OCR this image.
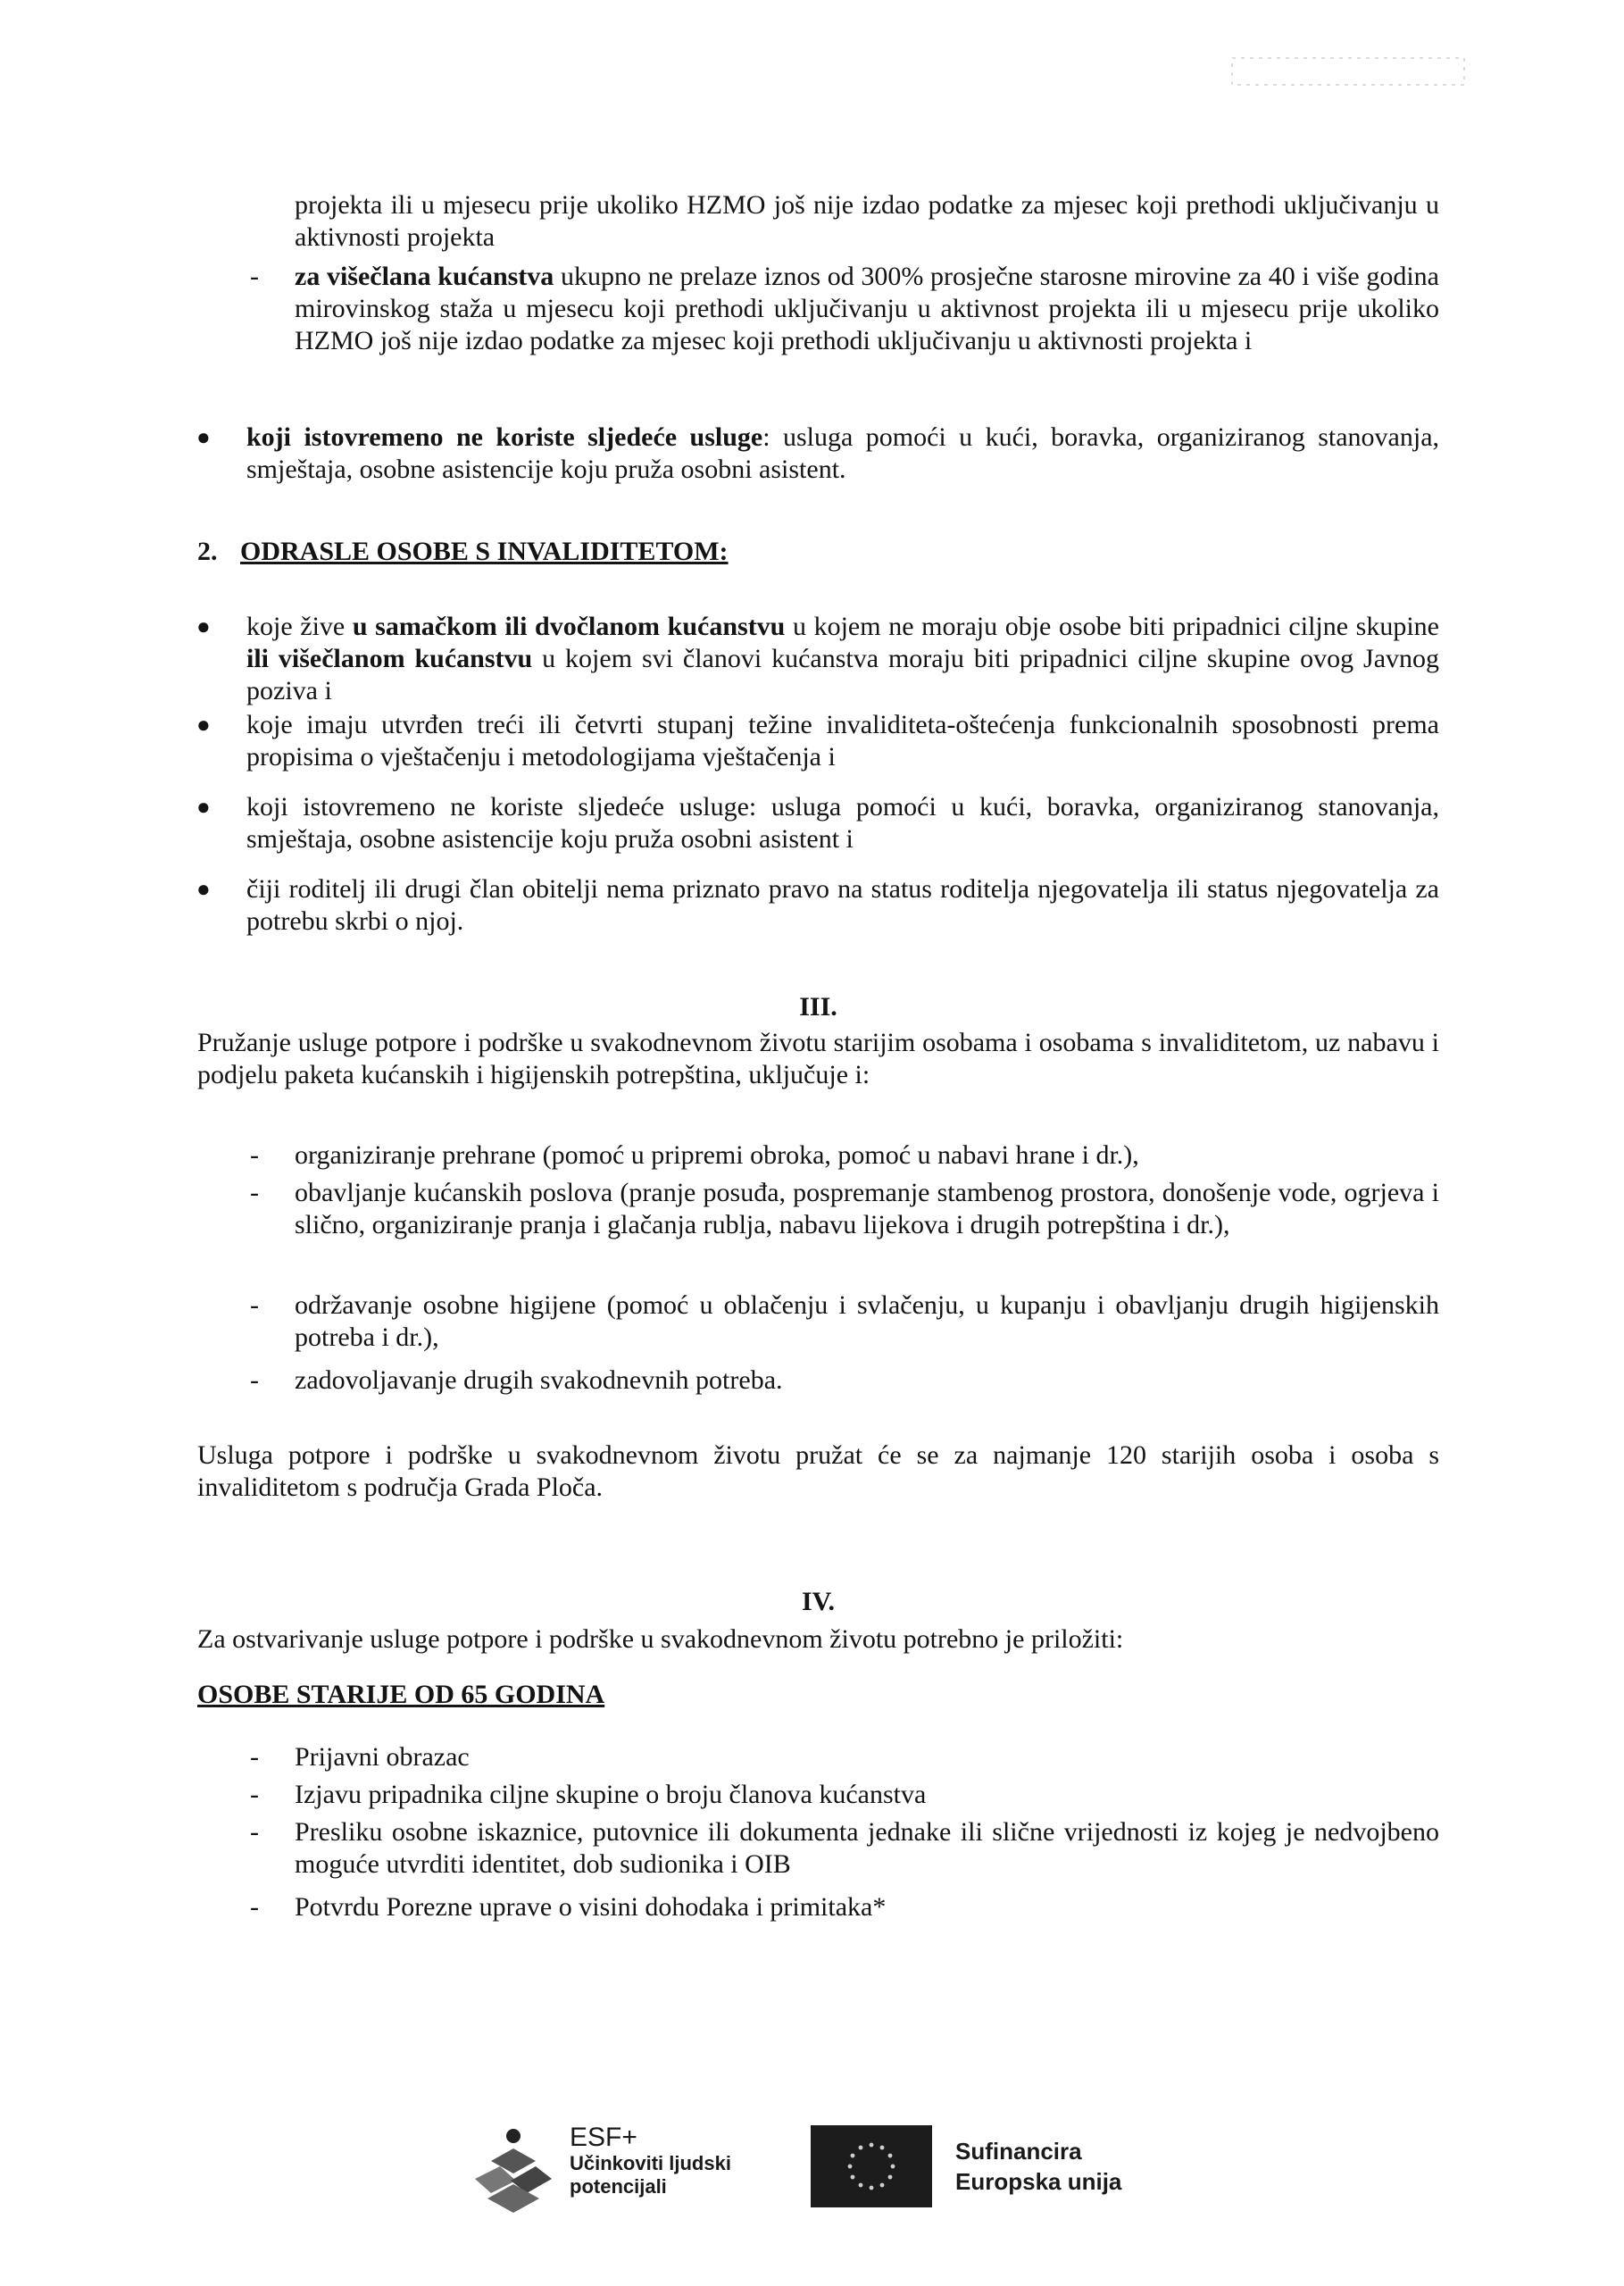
projekta ili u mjesecu prije ukoliko HZMO još nije izdao podatke za mjesec koji prethodi uključivanju u aktivnosti projekta
- za višečlana kućanstva ukupno ne prelaze iznos od 300% prosječne starosne mirovine za 40 i više godina mirovinskog staža u mjesecu koji prethodi uključivanju u aktivnost projekta ili u mjesecu prije ukoliko HZMO još nije izdao podatke za mjesec koji prethodi uključivanju u aktivnosti projekta i
● koji istovremeno ne koriste sljedeće usluge: usluga pomoći u kući, boravka, organiziranog stanovanja, smještaja, osobne asistencije koju pruža osobni asistent.
2. ODRASLE OSOBE S INVALIDITETOM:
● koje žive u samačkom ili dvočlanom kućanstvu u kojem ne moraju obje osobe biti pripadnici ciljne skupine ili višečlanom kućanstvu u kojem svi članovi kućanstva moraju biti pripadnici ciljne skupine ovog Javnog poziva i
● koje imaju utvrđen treći ili četvrti stupanj težine invaliditeta-oštećenja funkcionalnih sposobnosti prema propisima o vještačenju i metodologijama vještačenja i
● koji istovremeno ne koriste sljedeće usluge: usluga pomoći u kući, boravka, organiziranog stanovanja, smještaja, osobne asistencije koju pruža osobni asistent i
● čiji roditelj ili drugi član obitelji nema priznato pravo na status roditelja njegovatelja ili status njegovatelja za potrebu skrbi o njoj.
III.
Pružanje usluge potpore i podrške u svakodnevnom životu starijim osobama i osobama s invaliditetom, uz nabavu i podjelu paketa kućanskih i higijenskih potrepština, uključuje i:
- organiziranje prehrane (pomoć u pripremi obroka, pomoć u nabavi hrane i dr.),
- obavljanje kućanskih poslova (pranje posuđa, pospremanje stambenog prostora, donošenje vode, ogrjeva i slično, organiziranje pranja i glačanja rublja, nabavu lijekova i drugih potrepština i dr.),
- održavanje osobne higijene (pomoć u oblačenju i svlačenju, u kupanju i obavljanju drugih higijenskih potreba i dr.),
- zadovoljavanje drugih svakodnevnih potreba.
Usluga potpore i podrške u svakodnevnom životu pružat će se za najmanje 120 starijih osoba i osoba s invaliditetom s područja Grada Ploča.
IV.
Za ostvarivanje usluge potpore i podrške u svakodnevnom životu potrebno je priložiti:
OSOBE STARIJE OD 65 GODINA
- Prijavni obrazac
- Izjavu pripadnika ciljne skupine o broju članova kućanstva
- Presliku osobne iskaznice, putovnice ili dokumenta jednake ili slične vrijednosti iz kojeg je nedvojbeno moguće utvrditi identitet, dob sudionika i OIB
- Potvrdu Porezne uprave o visini dohodaka i primitaka*
ESF+
Učinkoviti ljudski
potencijali
Sufinancira
Europska unija
